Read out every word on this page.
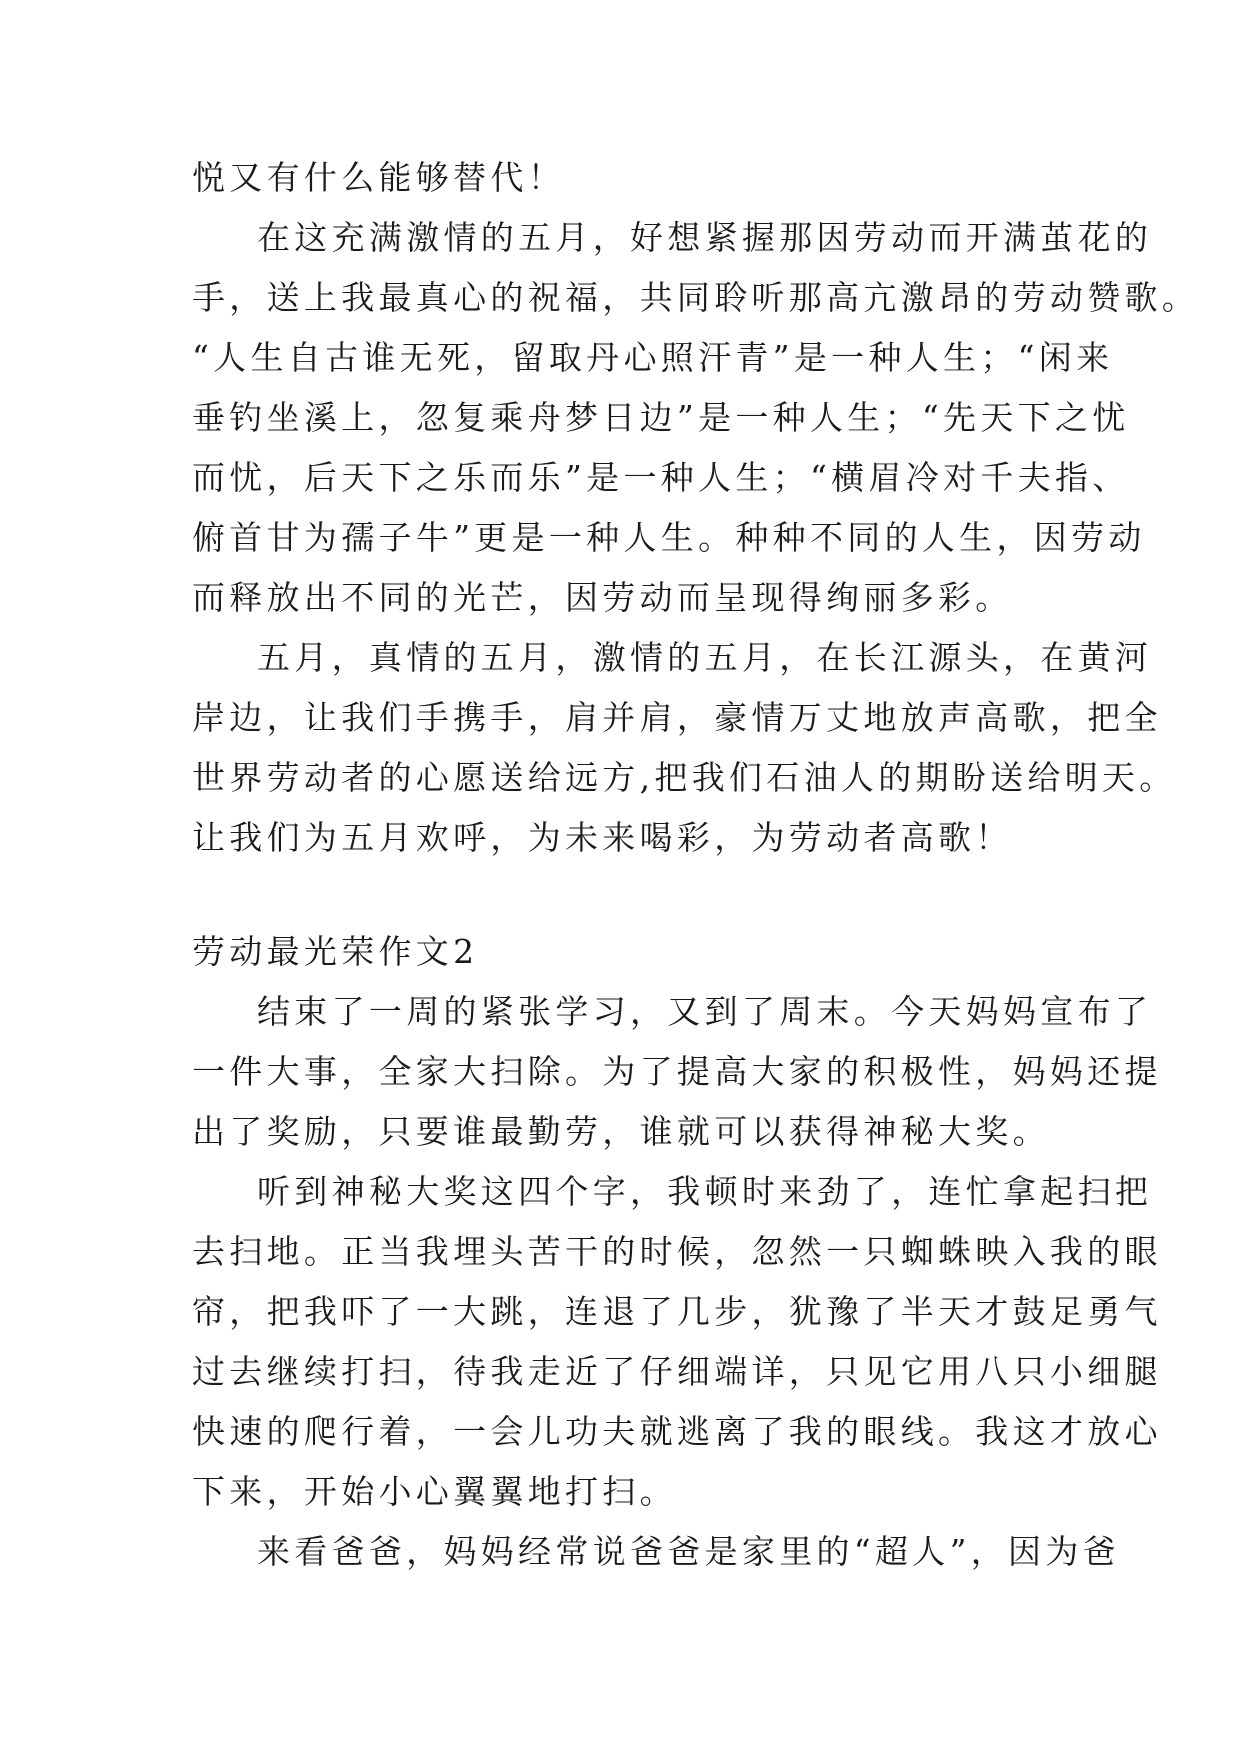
悦又有什么能够替代！
在这充满激情的五月，好想紧握那因劳动而开满茧花的
手，送上我最真心的祝福，共同聆听那高亢激昂的劳动赞歌。
“人生自古谁无死，留取丹心照汗青”是一种人生；“闲来
垂钓坐溪上，忽复乘舟梦日边”是一种人生；“先天下之忧
而忧，后天下之乐而乐”是一种人生；“横眉冷对千夫指、
俯首甘为孺子牛”更是一种人生。种种不同的人生，因劳动
而释放出不同的光芒，因劳动而呈现得绚丽多彩。
五月，真情的五月，激情的五月，在长江源头，在黄河
岸边，让我们手携手，肩并肩，豪情万丈地放声高歌，把全
世界劳动者的心愿送给远方,把我们石油人的期盼送给明天。
让我们为五月欢呼，为未来喝彩，为劳动者高歌！
劳动最光荣作文2
结束了一周的紧张学习，又到了周末。今天妈妈宣布了
一件大事，全家大扫除。为了提高大家的积极性，妈妈还提
出了奖励，只要谁最勤劳，谁就可以获得神秘大奖。
听到神秘大奖这四个字，我顿时来劲了，连忙拿起扫把
去扫地。正当我埋头苦干的时候，忽然一只蜘蛛映入我的眼
帘，把我吓了一大跳，连退了几步，犹豫了半天才鼓足勇气
过去继续打扫，待我走近了仔细端详，只见它用八只小细腿
快速的爬行着，一会儿功夫就逃离了我的眼线。我这才放心
下来，开始小心翼翼地打扫。
来看爸爸，妈妈经常说爸爸是家里的“超人”，因为爸
